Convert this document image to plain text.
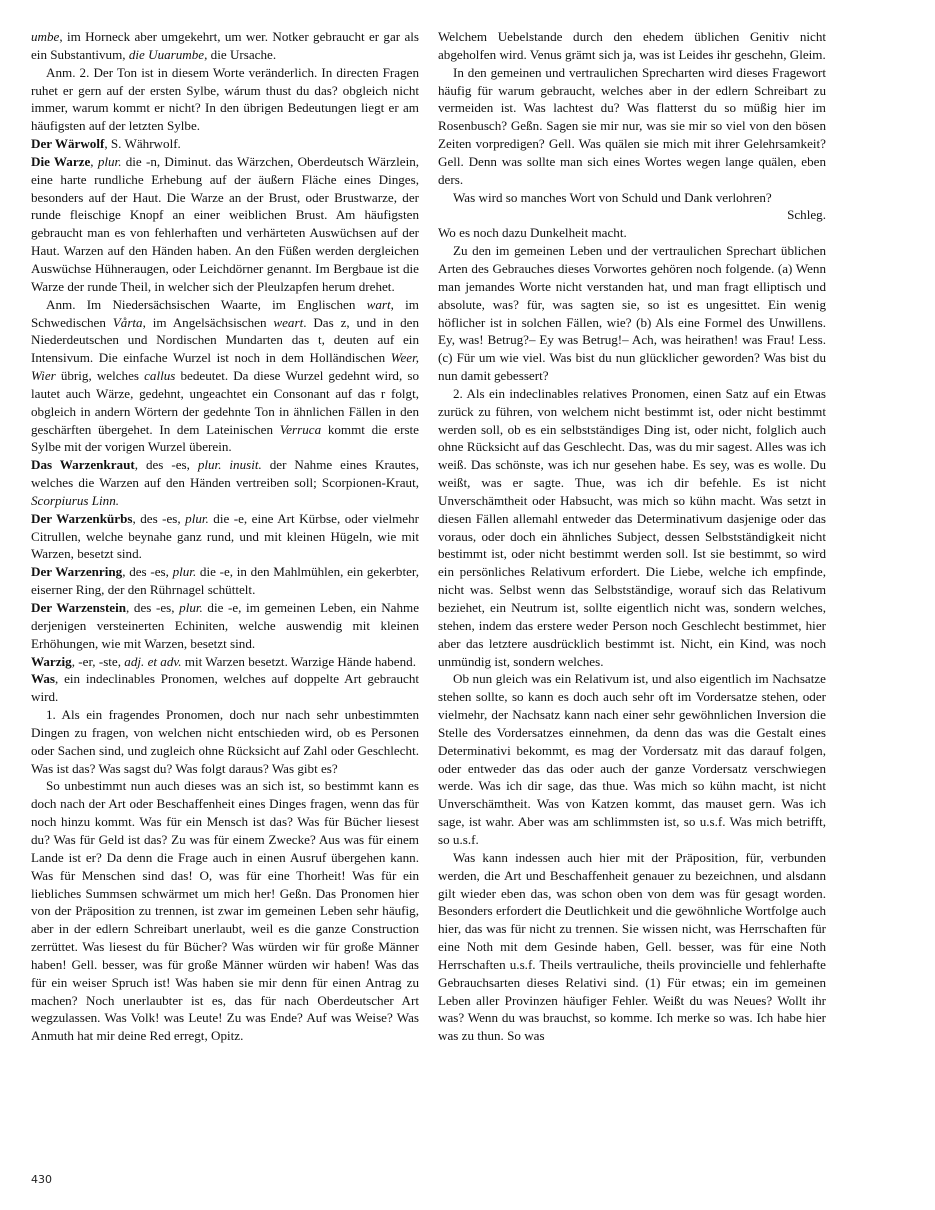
umbe, im Horneck aber umgekehrt, um wer. Notker gebraucht er gar als ein Substantivum, die Uuarumbe, die Ursache.

Anm. 2. Der Ton ist in diesem Worte veränderlich. In directen Fragen ruhet er gern auf der ersten Sylbe, wárum thust du das? obgleich nicht immer, warum kommt er nicht? In den übrigen Bedeutungen liegt er am häufigsten auf der letzten Sylbe.

Der Wärwolf, S. Währwolf.

Die Warze, plur. die -n, Diminut. das Wärzchen, Oberdeutsch Wärzlein, eine harte rundliche Erhebung auf der äußern Fläche eines Dinges, besonders auf der Haut. Die Warze an der Brust, oder Brustwarze, der runde fleischige Knopf an einer weiblichen Brust. Am häufigsten gebraucht man es von fehlerhaften und verhärteten Auswüchsen auf der Haut. Warzen auf den Händen haben. An den Füßen werden dergleichen Auswüchse Hühneraugen, oder Leichdörner genannt. Im Bergbaue ist die Warze der runde Theil, in welcher sich der Pleulzapfen herum drehet.

Anm. Im Niedersächsischen Waarte, im Englischen wart, im Schwedischen Vårta, im Angelsächsischen weart. Das z, und in den Niederdeutschen und Nordischen Mundarten das t, deuten auf ein Intensivum. Die einfache Wurzel ist noch in dem Holländischen Weer, Wier übrig, welches callus bedeutet. Da diese Wurzel gedehnt wird, so lautet auch Wärze, gedehnt, ungeachtet ein Consonant auf das r folgt, obgleich in andern Wörtern der gedehnte Ton in ähnlichen Fällen in den geschärften übergehet. In dem Lateinischen Verruca kommt die erste Sylbe mit der vorigen Wurzel überein.

Das Warzenkraut, des -es, plur. inusit. der Nahme eines Krautes, welches die Warzen auf den Händen vertreiben soll; Scorpionen-Kraut, Scorpiurus Linn.

Der Warzenkürbs, des -es, plur. die -e, eine Art Kürbse, oder vielmehr Citrullen, welche beynahe ganz rund, und mit kleinen Hügeln, wie mit Warzen, besetzt sind.

Der Warzenring, des -es, plur. die -e, in den Mahlmühlen, ein gekerbter, eiserner Ring, der den Rührnagel schüttelt.

Der Warzenstein, des -es, plur. die -e, im gemeinen Leben, ein Nahme derjenigen versteinerten Echiniten, welche auswendig mit kleinen Erhöhungen, wie mit Warzen, besetzt sind.

Warzig, -er, -ste, adj. et adv. mit Warzen besetzt. Warzige Hände habend.

Was, ein indeclinables Pronomen, welches auf doppelte Art gebraucht wird.

1. Als ein fragendes Pronomen, doch nur nach sehr unbestimmten Dingen zu fragen, von welchen nicht entschieden wird, ob es Personen oder Sachen sind, und zugleich ohne Rücksicht auf Zahl oder Geschlecht. Was ist das? Was sagst du? Was folgt daraus? Was gibt es?

So unbestimmt nun auch dieses was an sich ist, so bestimmt kann es doch nach der Art oder Beschaffenheit eines Dinges fragen, wenn das für noch hinzu kommt. Was für ein Mensch ist das? Was für Bücher liesest du? Was für Geld ist das? Zu was für einem Zwecke? Aus was für einem Lande ist er? Da denn die Frage auch in einen Ausruf übergehen kann. Was für Menschen sind das! O, was für eine Thorheit! Was für ein liebliches Summsen schwärmet um mich her! Geßn. Das Pronomen hier von der Präposition zu trennen, ist zwar im gemeinen Leben sehr häufig, aber in der edlern Schreibart unerlaubt, weil es die ganze Construction zerrüttet. Was liesest du für Bücher? Was würden wir für große Männer haben! Gell. besser, was für große Männer würden wir haben! Was das für ein weiser Spruch ist! Was haben sie mir denn für einen Antrag zu machen? Noch unerlaubter ist es, das für nach Oberdeutscher Art wegzulassen. Was Volk! was Leute! Zu was Ende? Auf was Weise? Was Anmuth hat mir deine Red erregt, Opitz.

Welchem Uebelstande durch den ehedem üblichen Genitiv nicht abgeholfen wird. Venus grämt sich ja, was ist Leides ihr geschehn, Gleim.

In den gemeinen und vertraulichen Sprecharten wird dieses Fragewort häufig für warum gebraucht, welches aber in der edlern Schreibart zu vermeiden ist. Was lachtest du? Was flatterst du so müßig hier im Rosenbusch? Geßn. Sagen sie mir nur, was sie mir so viel von den bösen Zeiten vorpredigen? Gell. Was quälen sie mich mit ihrer Gelehrsamkeit? Gell. Denn was sollte man sich eines Wortes wegen lange quälen, eben ders.

Was wird so manches Wort von Schuld und Dank verlohren?

Schleg.

Wo es noch dazu Dunkelheit macht.

Zu den im gemeinen Leben und der vertraulichen Sprechart üblichen Arten des Gebrauches dieses Vorwortes gehören noch folgende. (a) Wenn man jemandes Worte nicht verstanden hat, und man fragt elliptisch und absolute, was? für, was sagten sie, so ist es ungesittet. Ein wenig höflicher ist in solchen Fällen, wie? (b) Als eine Formel des Unwillens. Ey, was! Betrug?– Ey was Betrug!– Ach, was heirathen! was Frau! Less. (c) Für um wie viel. Was bist du nun glücklicher geworden? Was bist du nun damit gebessert?

2. Als ein indeclinables relatives Pronomen, einen Satz auf ein Etwas zurück zu führen, von welchem nicht bestimmt ist, oder nicht bestimmt werden soll, ob es ein selbstständiges Ding ist, oder nicht, folglich auch ohne Rücksicht auf das Geschlecht. Das, was du mir sagest. Alles was ich weiß. Das schönste, was ich nur gesehen habe. Es sey, was es wolle. Du weißt, was er sagte. Thue, was ich dir befehle. Es ist nicht Unverschämtheit oder Habsucht, was mich so kühn macht. Was setzt in diesen Fällen allemahl entweder das Determinativum dasjenige oder das voraus, oder doch ein ähnliches Subject, dessen Selbstständigkeit nicht bestimmt ist, oder nicht bestimmt werden soll. Ist sie bestimmt, so wird ein persönliches Relativum erfordert. Die Liebe, welche ich empfinde, nicht was. Selbst wenn das Selbstständige, worauf sich das Relativum beziehet, ein Neutrum ist, sollte eigentlich nicht was, sondern welches, stehen, indem das erstere weder Person noch Geschlecht bestimmet, hier aber das letztere ausdrücklich bestimmt ist. Nicht, ein Kind, was noch unmündig ist, sondern welches.

Ob nun gleich was ein Relativum ist, und also eigentlich im Nachsatze stehen sollte, so kann es doch auch sehr oft im Vordersatze stehen, oder vielmehr, der Nachsatz kann nach einer sehr gewöhnlichen Inversion die Stelle des Vordersatzes einnehmen, da denn das was die Gestalt eines Determinativi bekommt, es mag der Vordersatz mit das darauf folgen, oder entweder das das oder auch der ganze Vordersatz verschwiegen werde. Was ich dir sage, das thue. Was mich so kühn macht, ist nicht Unverschämtheit. Was von Katzen kommt, das mauset gern. Was ich sage, ist wahr. Aber was am schlimmsten ist, so u.s.f. Was mich betrifft, so u.s.f.

Was kann indessen auch hier mit der Präposition, für, verbunden werden, die Art und Beschaffenheit genauer zu bezeichnen, und alsdann gilt wieder eben das, was schon oben von dem was für gesagt worden. Besonders erfordert die Deutlichkeit und die gewöhnliche Wortfolge auch hier, das was für nicht zu trennen. Sie wissen nicht, was Herrschaften für eine Noth mit dem Gesinde haben, Gell. besser, was für eine Noth Herrschaften u.s.f. Theils vertrauliche, theils provincielle und fehlerhafte Gebrauchsarten dieses Relativi sind. (1) Für etwas; ein im gemeinen Leben aller Provinzen häufiger Fehler. Weißt du was Neues? Wollt ihr was? Wenn du was brauchst, so komme. Ich merke so was. Ich habe hier was zu thun. So was

430
